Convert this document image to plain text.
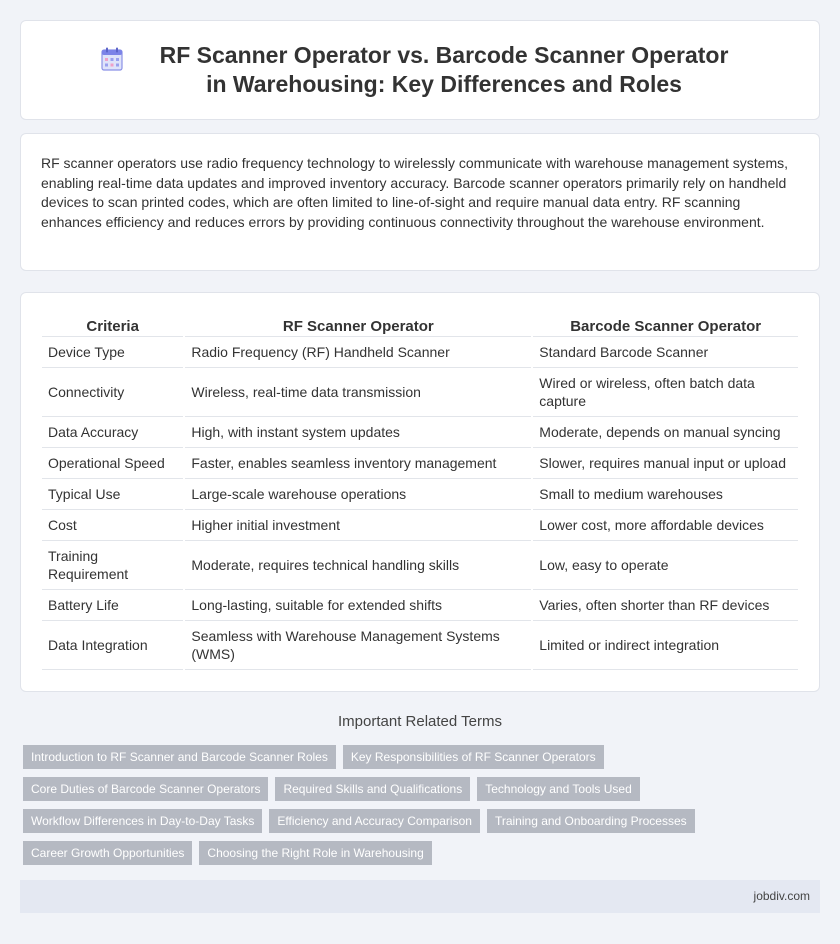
RF Scanner Operator vs. Barcode Scanner Operator in Warehousing: Key Differences and Roles

RF scanner operators use radio frequency technology to wirelessly communicate with warehouse management systems, enabling real-time data updates and improved inventory accuracy. Barcode scanner operators primarily rely on handheld devices to scan printed codes, which are often limited to line-of-sight and require manual data entry. RF scanning enhances efficiency and reduces errors by providing continuous connectivity throughout the warehouse environment.

Criteria	RF Scanner Operator	Barcode Scanner Operator
Device Type	Radio Frequency (RF) Handheld Scanner	Standard Barcode Scanner
Connectivity	Wireless, real-time data transmission	Wired or wireless, often batch data capture
Data Accuracy	High, with instant system updates	Moderate, depends on manual syncing
Operational Speed	Faster, enables seamless inventory management	Slower, requires manual input or upload
Typical Use	Large-scale warehouse operations	Small to medium warehouses
Cost	Higher initial investment	Lower cost, more affordable devices
Training Requirement	Moderate, requires technical handling skills	Low, easy to operate
Battery Life	Long-lasting, suitable for extended shifts	Varies, often shorter than RF devices
Data Integration	Seamless with Warehouse Management Systems (WMS)	Limited or indirect integration
Important Related Terms
Introduction to RF Scanner and Barcode Scanner Roles	Key Responsibilities of RF Scanner Operators
Core Duties of Barcode Scanner Operators	Required Skills and Qualifications	Technology and Tools Used
Workflow Differences in Day-to-Day Tasks	Efficiency and Accuracy Comparison	Training and Onboarding Processes
Career Growth Opportunities	Choosing the Right Role in Warehousing
jobdiv.com
